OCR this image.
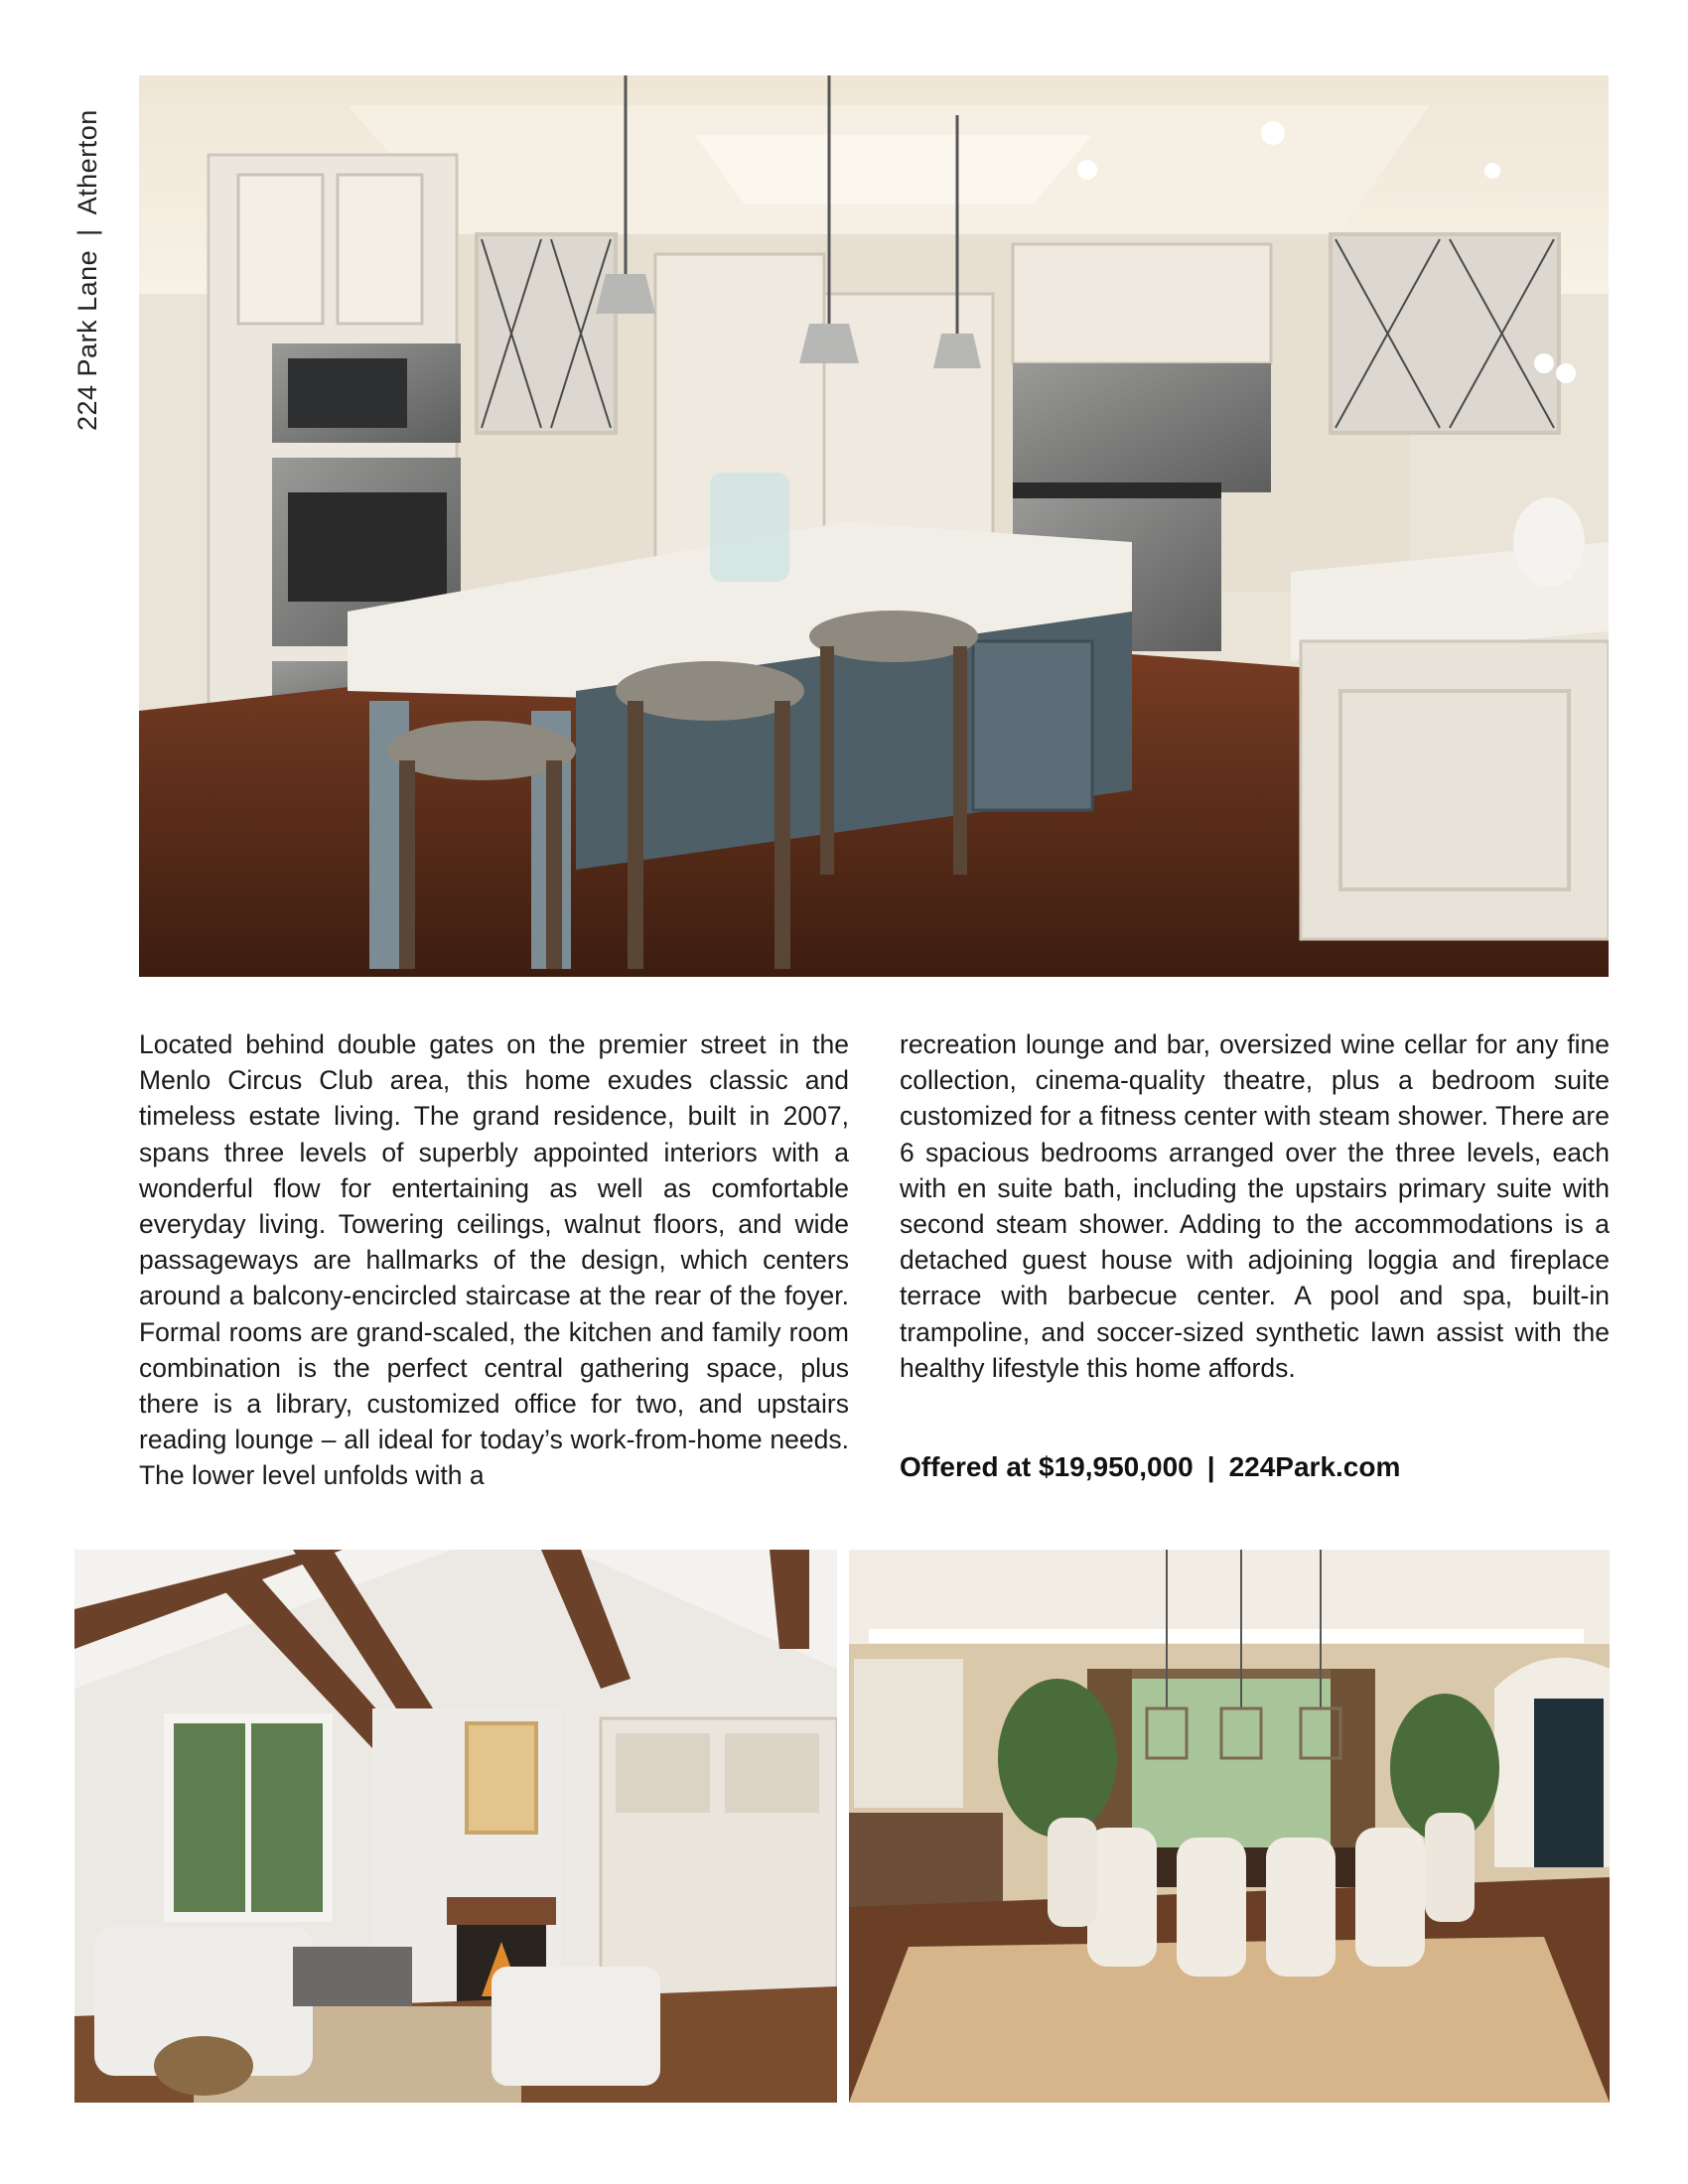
224 Park Lane
|
Atherton
Located behind double gates on the premier street in the Menlo Circus Club area, this home exudes classic and timeless estate living. The grand residence, built in 2007, spans three levels of superbly appointed interiors with a wonderful flow for entertaining as well as comfortable everyday living. Towering ceilings, walnut floors, and wide passageways are hallmarks of the design, which centers around a balcony-encircled staircase at the rear of the foyer. Formal rooms are grand-scaled, the kitchen and family room combination is the perfect central gathering space, plus there is a library, customized office for two, and upstairs reading lounge – all ideal for today’s work-from-home needs. The lower level unfolds with a
recreation lounge and bar, oversized wine cellar for any fine collection, cinema-quality theatre, plus a bedroom suite customized for a fitness center with steam shower. There are 6 spacious bedrooms arranged over the three levels, each with en suite bath, including the upstairs primary suite with second steam shower. Adding to the accommodations is a detached guest house with adjoining loggia and fireplace terrace with barbecue center. A pool and spa, built-in trampoline, and soccer-sized synthetic lawn assist with the healthy lifestyle this home affords.
Offered at $19,950,000 | 224Park.com
